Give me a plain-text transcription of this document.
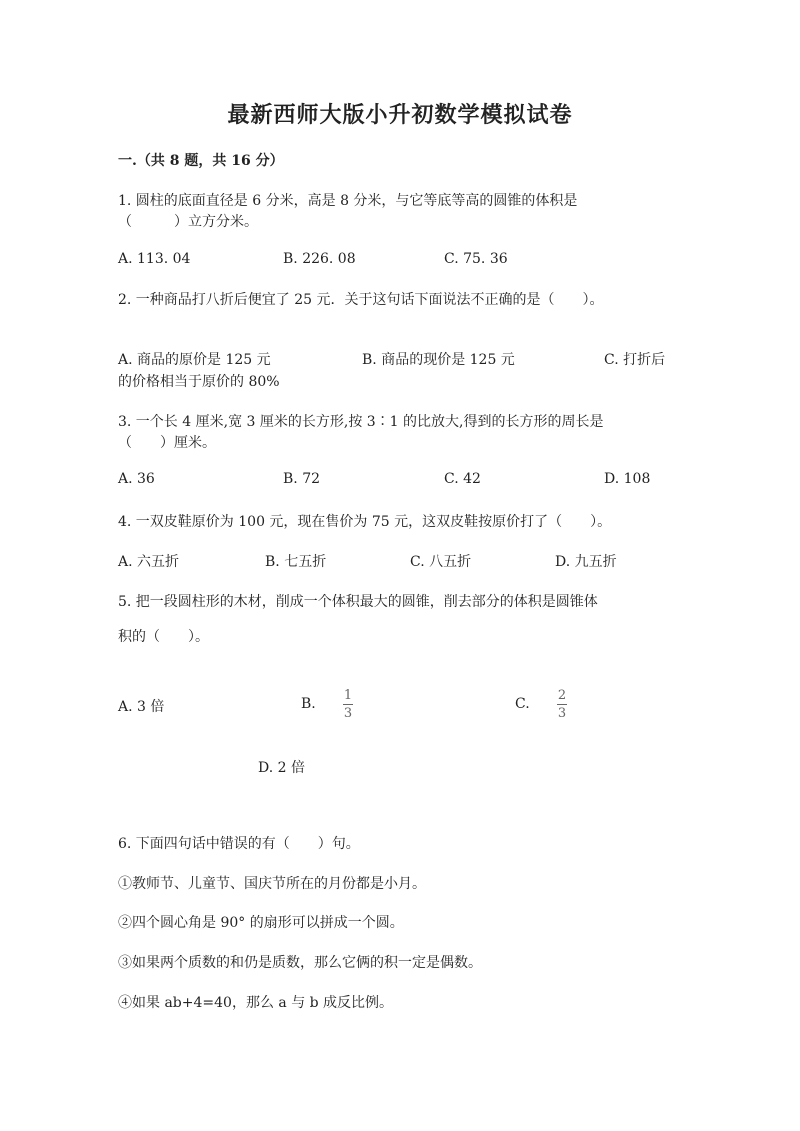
最新西师大版小升初数学模拟试卷
一.（共 8 题，共 16 分）
1. 圆柱的底面直径是 6 分米，高是 8 分米，与它等底等高的圆锥的体积是
（　　　）立方分米。
A. 113. 04	B. 226. 08	C. 75. 36
2. 一种商品打八折后便宜了 25 元．关于这句话下面说法不正确的是（　　）。
A. 商品的原价是 125 元	B. 商品的现价是 125 元	C. 打折后
的价格相当于原价的 80%
3. 一个长 4 厘米,宽 3 厘米的长方形,按 3∶1 的比放大,得到的长方形的周长是
（　　）厘米。
A. 36	B. 72	C. 42	D. 108
4. 一双皮鞋原价为 100 元，现在售价为 75 元，这双皮鞋按原价打了（　　）。
A. 六五折	B. 七五折	C. 八五折	D. 九五折
5. 把一段圆柱形的木材，削成一个体积最大的圆锥，削去部分的体积是圆锥体
积的（　　）。
A. 3 倍	B.
1
3
C.
2
3
D. 2 倍
6. 下面四句话中错误的有（　　）句。
①教师节、儿童节、国庆节所在的月份都是小月。
②四个圆心角是 90° 的扇形可以拼成一个圆。
③如果两个质数的和仍是质数，那么它俩的积一定是偶数。
④如果 ab+4=40，那么 a 与 b 成反比例。
